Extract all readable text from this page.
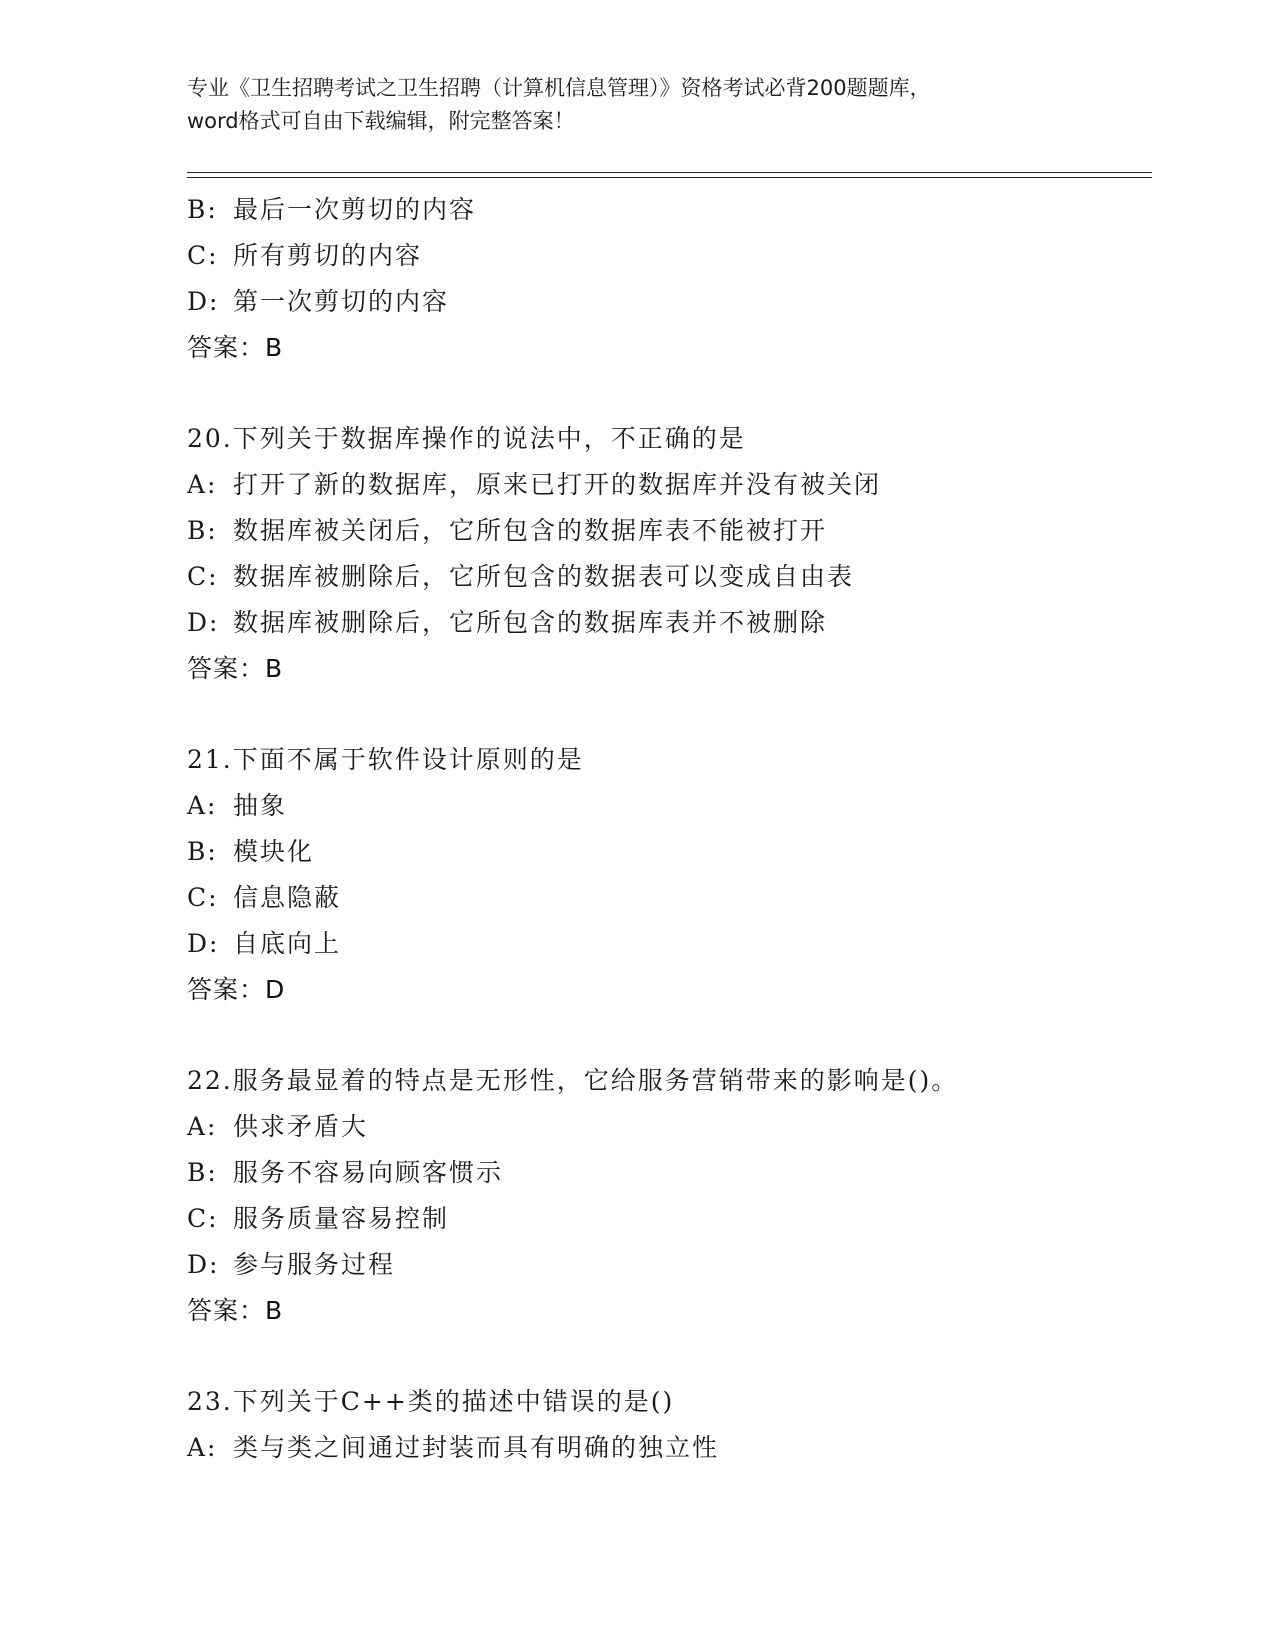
专业《卫生招聘考试之卫生招聘（计算机信息管理）》资格考试必背200题题库，
word格式可自由下载编辑，附完整答案！
B: 最后一次剪切的内容
C: 所有剪切的内容
D: 第一次剪切的内容
答案：B
20.下列关于数据库操作的说法中，不正确的是
A: 打开了新的数据库，原来已打开的数据库并没有被关闭
B: 数据库被关闭后，它所包含的数据库表不能被打开
C: 数据库被删除后，它所包含的数据表可以变成自由表
D: 数据库被删除后，它所包含的数据库表并不被删除
答案：B
21.下面不属于软件设计原则的是
A: 抽象
B: 模块化
C: 信息隐蔽
D: 自底向上
答案：D
22.服务最显着的特点是无形性，它给服务营销带来的影响是()。
A: 供求矛盾大
B: 服务不容易向顾客惯示
C: 服务质量容易控制
D: 参与服务过程
答案：B
23.下列关于C++类的描述中错误的是()
A: 类与类之间通过封装而具有明确的独立性
